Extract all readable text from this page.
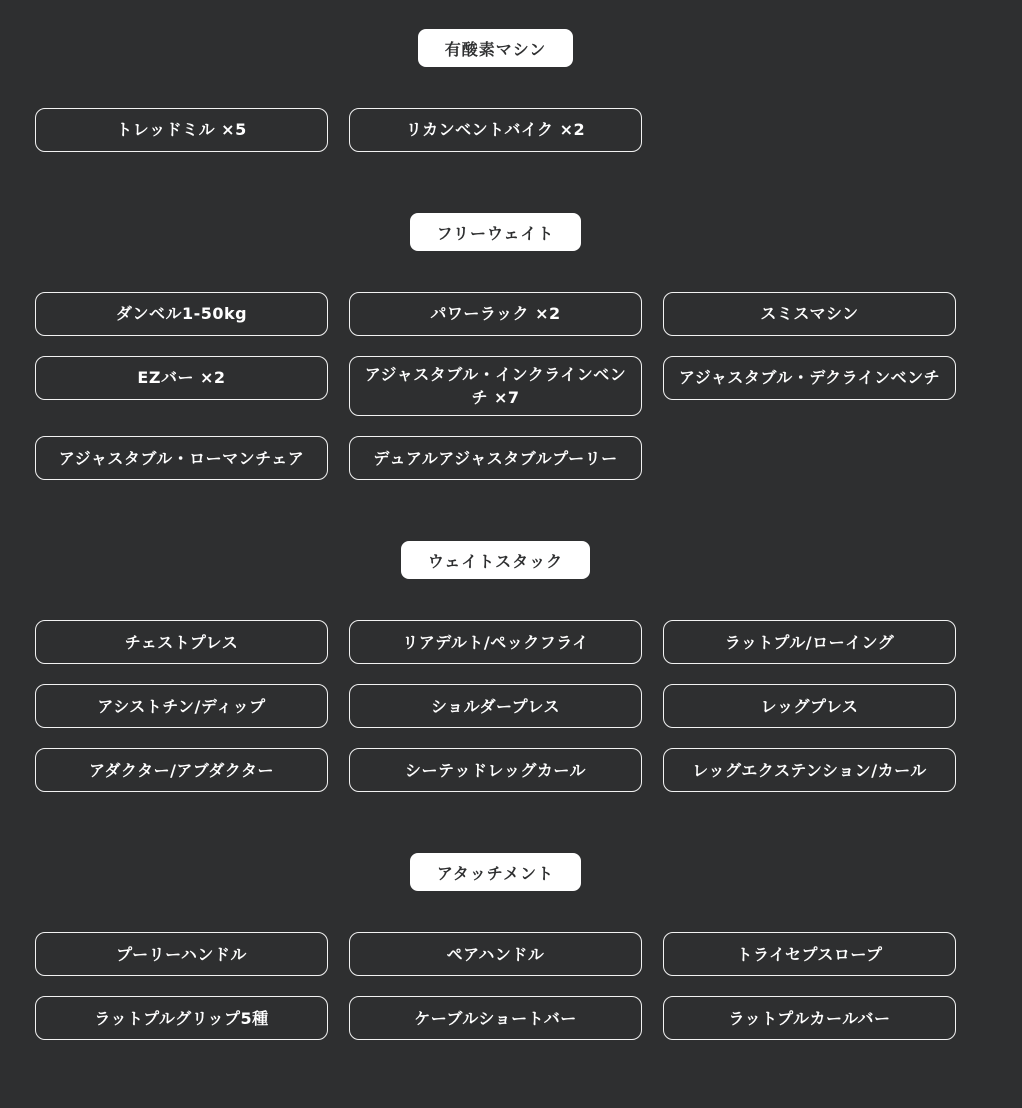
有酸素マシン
トレッドミル ×5	リカンベントバイク ×2
フリーウェイト
ダンベル1-50kg	パワーラック ×2	スミスマシン
EZバー ×2	アジャスタブル・インクラインベンチ ×7
アジャスタブル・デクラインベンチ
アジャスタブル・ローマンチェア	デュアルアジャスタブルプーリー
ウェイトスタック
チェストプレス	リアデルト/ペックフライ	ラットプル/ローイング
アシストチン/ディップ	ショルダープレス	レッグプレス
アダクター/アブダクター	シーテッドレッグカール	レッグエクステンション/カール
アタッチメント
プーリーハンドル	ペアハンドル	トライセプスロープ
ラットプルグリップ5種	ケーブルショートバー	ラットプルカールバー
